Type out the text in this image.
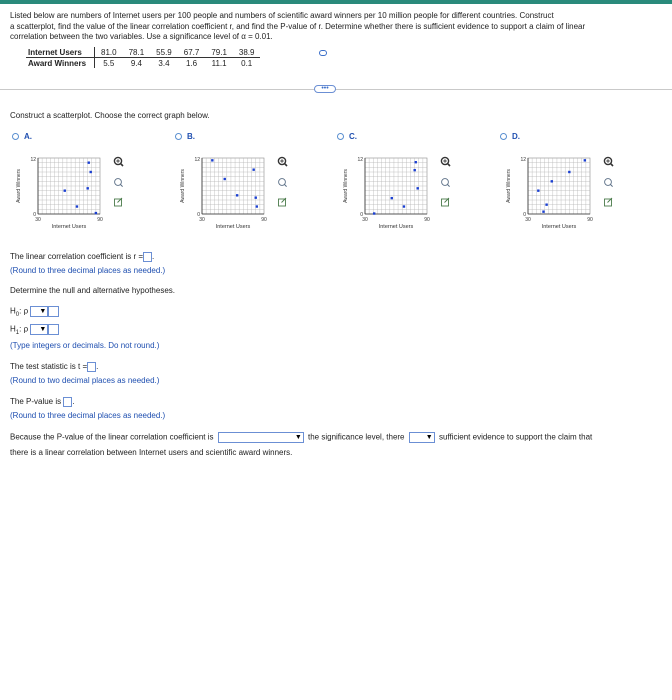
Listed below are numbers of Internet users per 100 people and numbers of scientific award winners per 10 million people for different countries. Construct
a scatterplot, find the value of the linear correlation coefficient r, and find the P-value of r. Determine whether there is sufficient evidence to support a claim of linear
correlation between the two variables. Use a significance level of α = 0.01.
Internet Users	81.0	78.1	55.9	67.7	79.1	38.9
Award Winners	5.5	9.4	3.4	1.6	11.1	0.1
•••
Construct a scatterplot. Choose the correct graph below.
A.	B.	C.	D.
Award Winners
12
0
30	90
Internet Users
Award Winners
12
0
30	90
Internet Users
Award Winners
12
0
30	90
Internet Users
Award Winners
12
0
30	90
Internet Users
The linear correlation coefficient is r = .
(Round to three decimal places as needed.)
Determine the null and alternative hypotheses.
$H_0$: ρ ▼
$H_1$: ρ ▼
(Type integers or decimals. Do not round.)
The test statistic is t = .
(Round to two decimal places as needed.)
The P-value is .
(Round to three decimal places as needed.)
Because the P-value of the linear correlation coefficient is	▼ the significance level, there	▼ sufficient evidence to support the claim that
there is a linear correlation between Internet users and scientific award winners.
